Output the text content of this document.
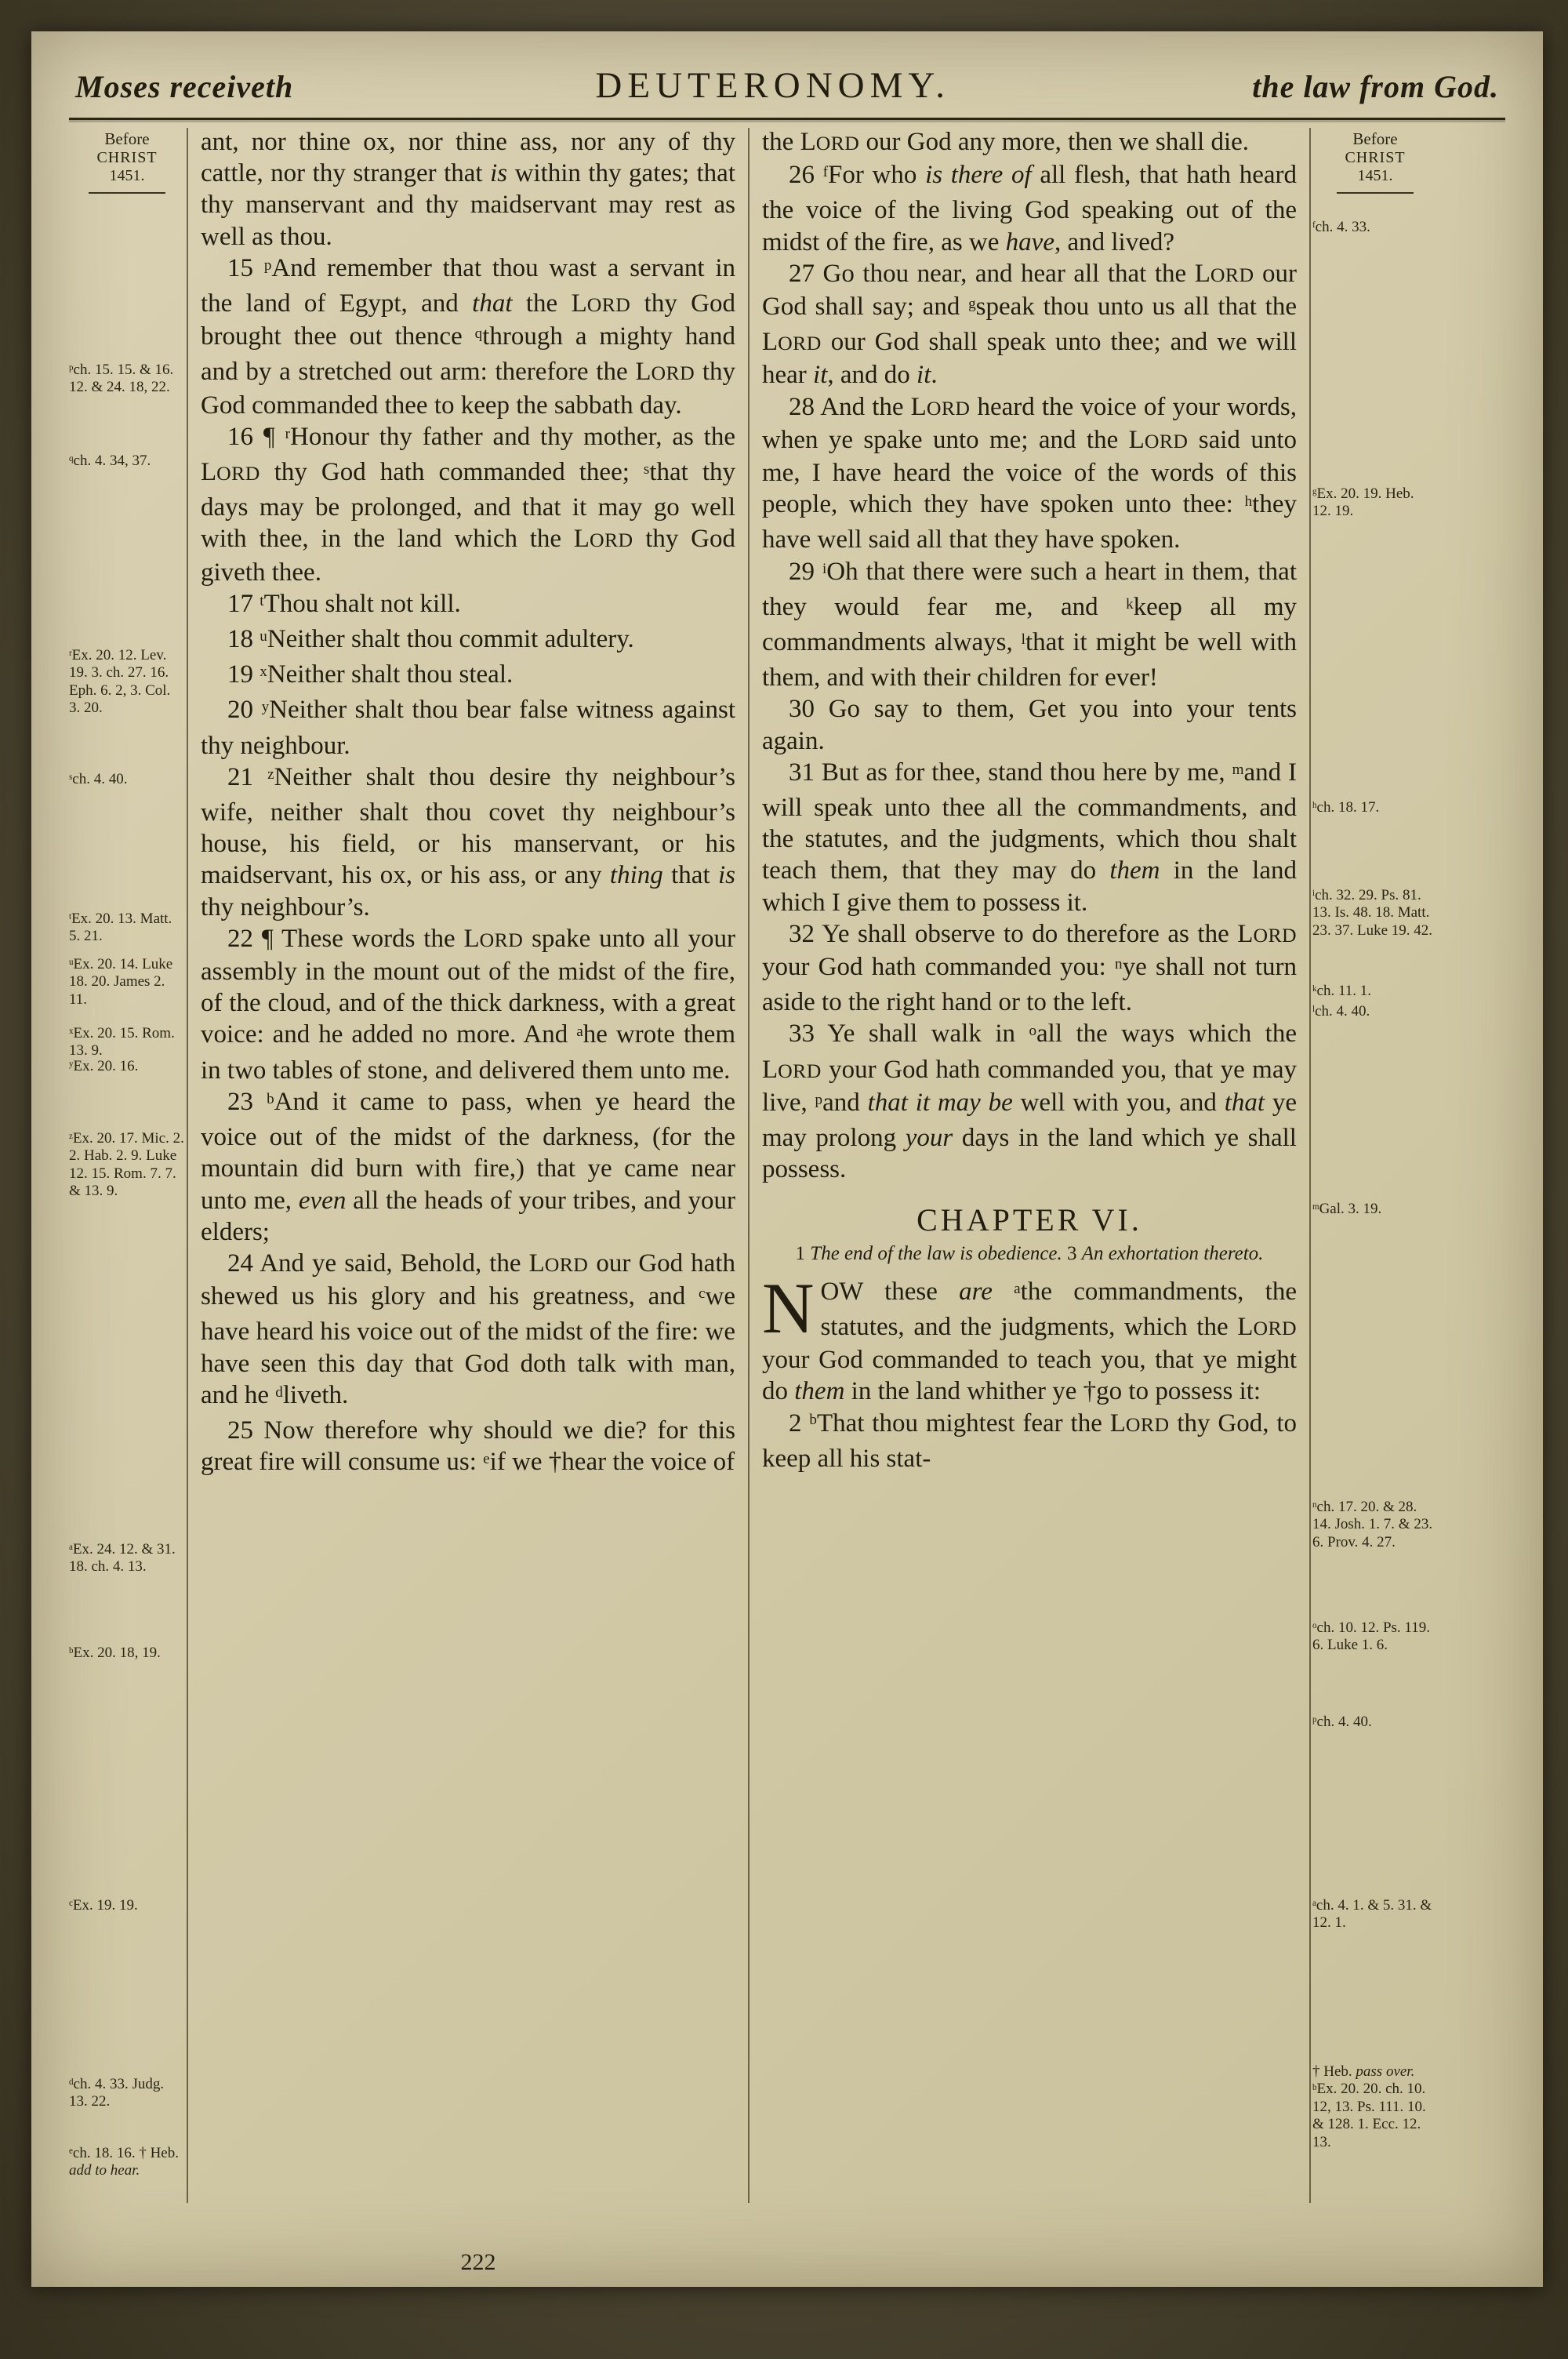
Moses receiveth	DEUTERONOMY.	the law from God.
Before
CHRIST
1451.
$^p$ch. 15. 15. & 16. 12. & 24. 18, 22.
$^q$ch. 4. 34, 37.
$^r$Ex. 20. 12. Lev. 19. 3. ch. 27. 16. Eph. 6. 2, 3. Col. 3. 20.
$^s$ch. 4. 40.
$^t$Ex. 20. 13. Matt. 5. 21.
$^u$Ex. 20. 14. Luke 18. 20. James 2. 11.
$^x$Ex. 20. 15. Rom. 13. 9.
$^y$Ex. 20. 16.
$^z$Ex. 20. 17. Mic. 2. 2. Hab. 2. 9. Luke 12. 15. Rom. 7. 7. & 13. 9.
$^a$Ex. 24. 12. & 31. 18. ch. 4. 13.
$^b$Ex. 20. 18, 19.
$^c$Ex. 19. 19.
$^d$ch. 4. 33. Judg. 13. 22.
$^e$ch. 18. 16. † Heb. add to hear.

ant, nor thine ox, nor thine ass, nor any of thy cattle, nor thy stranger that is within thy gates; that thy manservant and thy maidservant may rest as well as thou.

15 $^p$And remember that thou wast a servant in the land of Egypt, and that the LORD thy God brought thee out thence $^q$through a mighty hand and by a stretched out arm: therefore the LORD thy God commanded thee to keep the sabbath day.

16 ¶ $^r$Honour thy father and thy mother, as the LORD thy God hath commanded thee; $^s$that thy days may be prolonged, and that it may go well with thee, in the land which the LORD thy God giveth thee.

17 $^t$Thou shalt not kill.

18 $^u$Neither shalt thou commit adultery.

19 $^x$Neither shalt thou steal.

20 $^y$Neither shalt thou bear false witness against thy neighbour.

21 $^z$Neither shalt thou desire thy neighbour’s wife, neither shalt thou covet thy neighbour’s house, his field, or his manservant, or his maidservant, his ox, or his ass, or any thing that is thy neighbour’s.

22 ¶ These words the LORD spake unto all your assembly in the mount out of the midst of the fire, of the cloud, and of the thick darkness, with a great voice: and he added no more. And $^a$he wrote them in two tables of stone, and delivered them unto me.

23 $^b$And it came to pass, when ye heard the voice out of the midst of the darkness, (for the mountain did burn with fire,) that ye came near unto me, even all the heads of your tribes, and your elders;

24 And ye said, Behold, the LORD our God hath shewed us his glory and his greatness, and $^c$we have heard his voice out of the midst of the fire: we have seen this day that God doth talk with man, and he $^d$liveth.

25 Now therefore why should we die? for this great fire will consume us: $^e$if we †hear the voice of

the LORD our God any more, then we shall die.

26 $^f$For who is there of all flesh, that hath heard the voice of the living God speaking out of the midst of the fire, as we have, and lived?

27 Go thou near, and hear all that the LORD our God shall say; and $^g$speak thou unto us all that the LORD our God shall speak unto thee; and we will hear it, and do it.

28 And the LORD heard the voice of your words, when ye spake unto me; and the LORD said unto me, I have heard the voice of the words of this people, which they have spoken unto thee: $^h$they have well said all that they have spoken.

29 $^i$Oh that there were such a heart in them, that they would fear me, and $^k$keep all my commandments always, $^l$that it might be well with them, and with their children for ever!

30 Go say to them, Get you into your tents again.

31 But as for thee, stand thou here by me, $^m$and I will speak unto thee all the commandments, and the statutes, and the judgments, which thou shalt teach them, that they may do them in the land which I give them to possess it.

32 Ye shall observe to do therefore as the LORD your God hath commanded you: $^n$ye shall not turn aside to the right hand or to the left.

33 Ye shall walk in $^o$all the ways which the LORD your God hath commanded you, that ye may live, $^p$and that it may be well with you, and that ye may prolong your days in the land which ye shall possess.

CHAPTER VI.

1 The end of the law is obedience. 3 An exhortation thereto.

NOW these are $^a$the commandments, the statutes, and the judgments, which the LORD your God commanded to teach you, that ye might do them in the land whither ye †go to possess it:

2 $^b$That thou mightest fear the LORD thy God, to keep all his stat-

Before
CHRIST
1451.
$^f$ch. 4. 33.
$^g$Ex. 20. 19. Heb. 12. 19.
$^h$ch. 18. 17.
$^i$ch. 32. 29. Ps. 81. 13. Is. 48. 18. Matt. 23. 37. Luke 19. 42.
$^k$ch. 11. 1.
$^l$ch. 4. 40.
$^m$Gal. 3. 19.
$^n$ch. 17. 20. & 28. 14. Josh. 1. 7. & 23. 6. Prov. 4. 27.
$^o$ch. 10. 12. Ps. 119. 6. Luke 1. 6.
$^p$ch. 4. 40.
$^a$ch. 4. 1. & 5. 31. & 12. 1.
† Heb. pass over. $^b$Ex. 20. 20. ch. 10. 12, 13. Ps. 111. 10. & 128. 1. Ecc. 12. 13.
222
